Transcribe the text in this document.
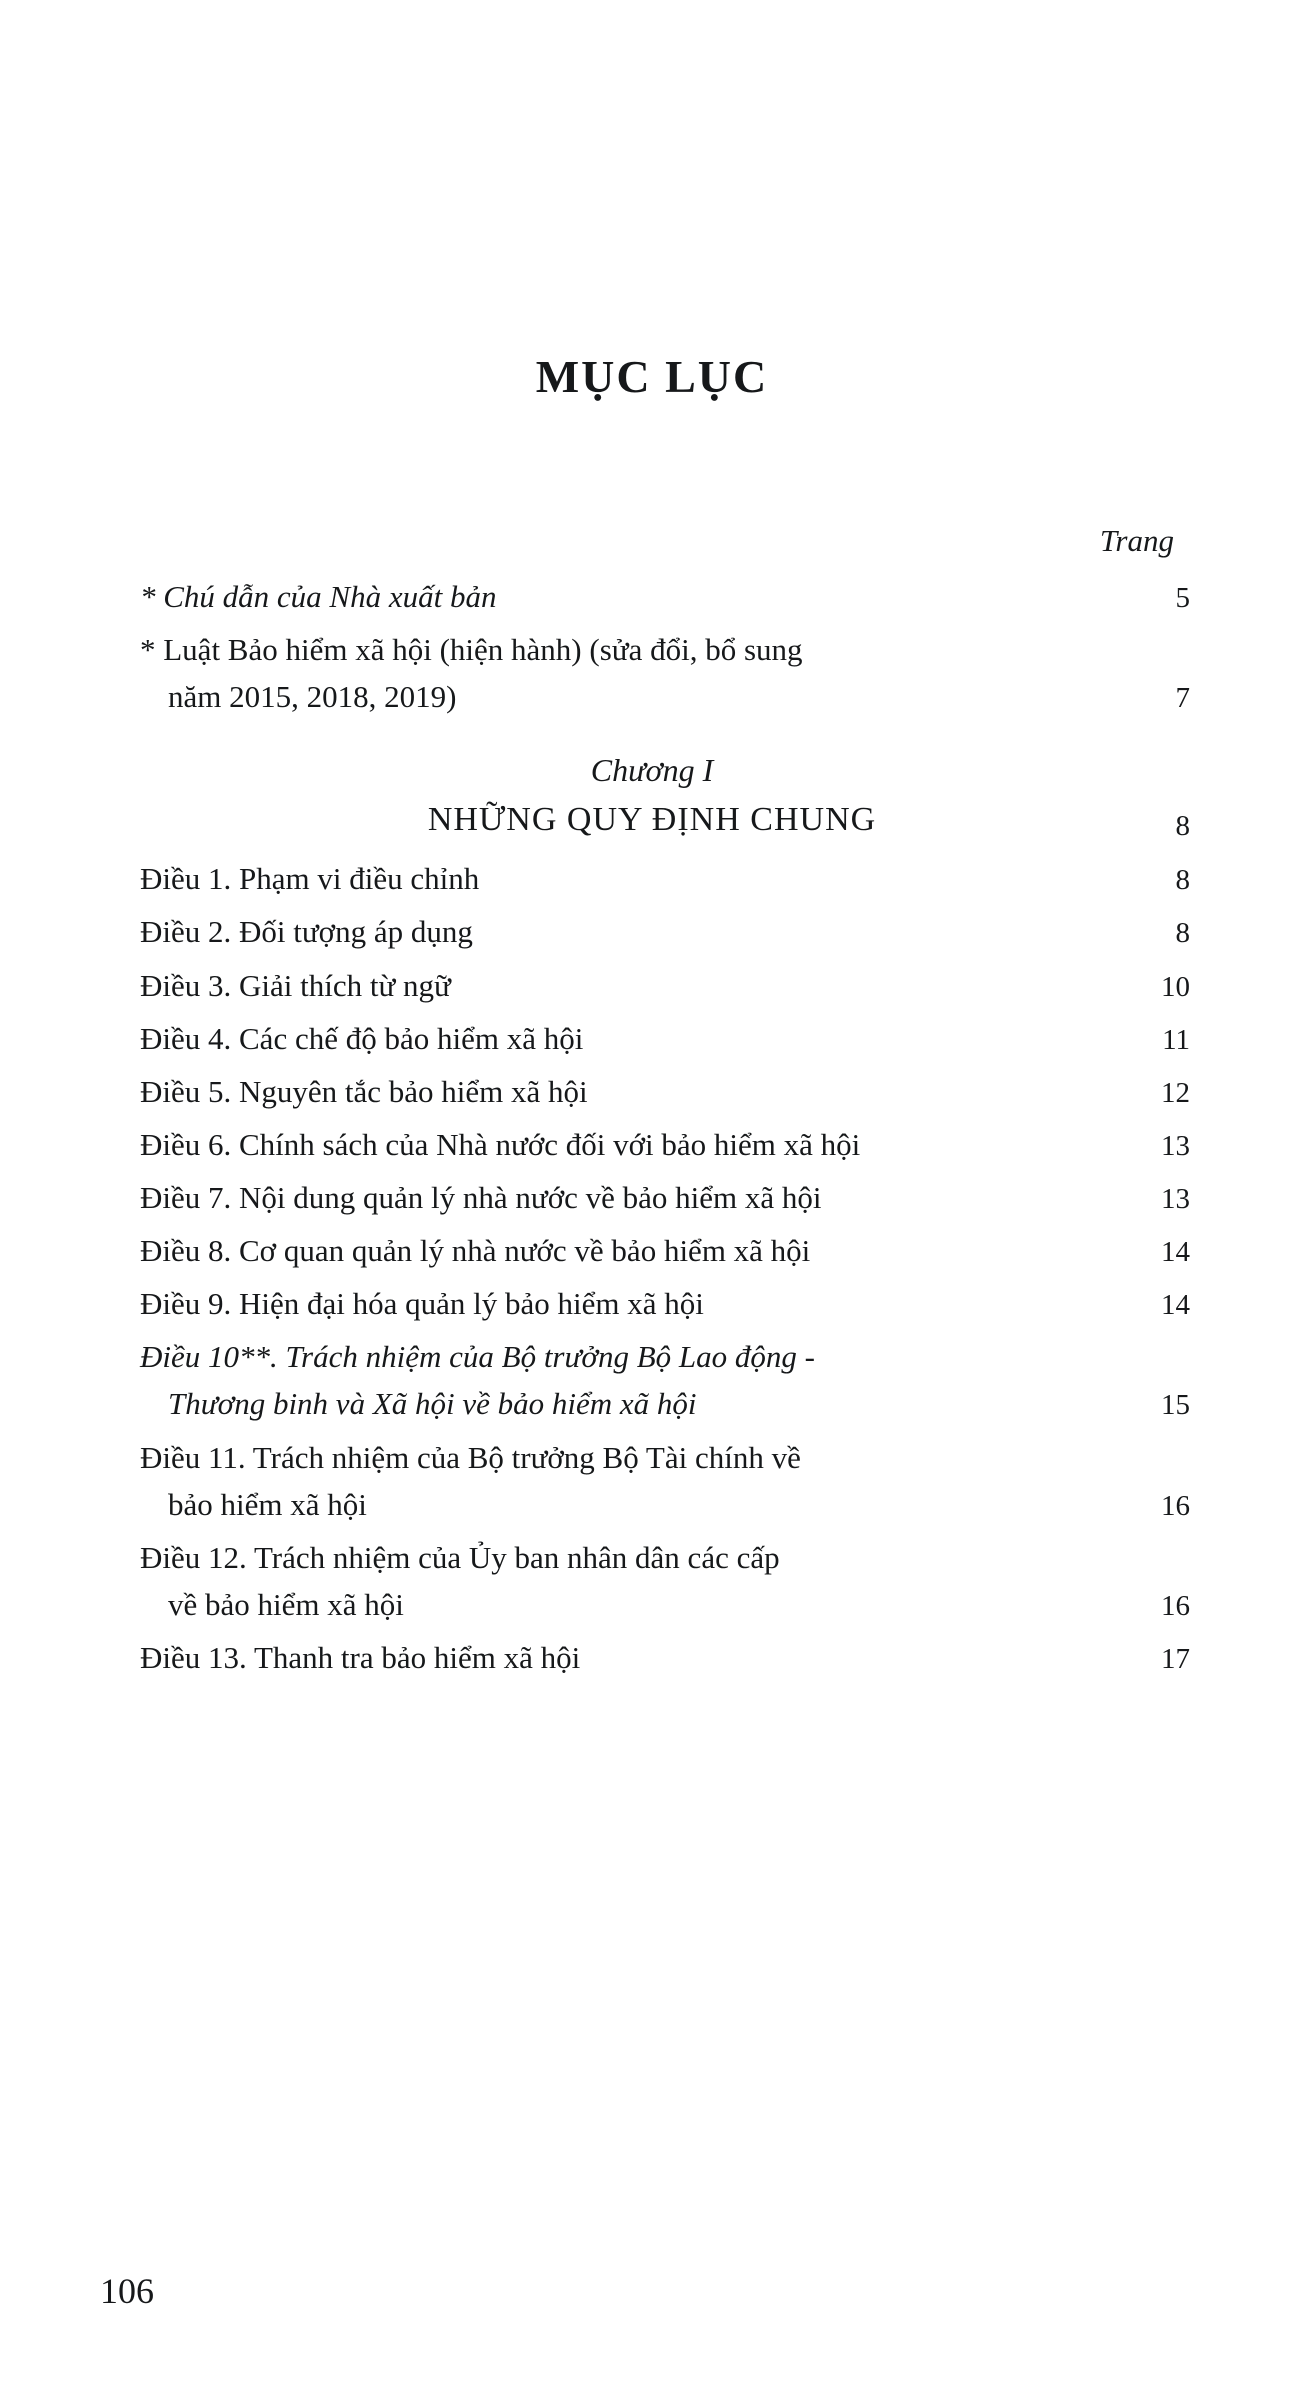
MỤC LỤC
Trang
* Chú dẫn của Nhà xuất bản	5
* Luật Bảo hiểm xã hội (hiện hành) (sửa đổi, bổ sung
năm 2015, 2018, 2019)	7
Chương I
NHỮNG QUY ĐỊNH CHUNG	8
Điều 1. Phạm vi điều chỉnh	8
Điều 2. Đối tượng áp dụng	8
Điều 3. Giải thích từ ngữ	10
Điều 4. Các chế độ bảo hiểm xã hội	11
Điều 5. Nguyên tắc bảo hiểm xã hội	12
Điều 6. Chính sách của Nhà nước đối với bảo hiểm xã hội	13
Điều 7. Nội dung quản lý nhà nước về bảo hiểm xã hội	13
Điều 8. Cơ quan quản lý nhà nước về bảo hiểm xã hội	14
Điều 9. Hiện đại hóa quản lý bảo hiểm xã hội	14
Điều 10**. Trách nhiệm của Bộ trưởng Bộ Lao động -
Thương binh và Xã hội về bảo hiểm xã hội	15
Điều 11. Trách nhiệm của Bộ trưởng Bộ Tài chính về
bảo hiểm xã hội	16
Điều 12. Trách nhiệm của Ủy ban nhân dân các cấp
về bảo hiểm xã hội	16
Điều 13. Thanh tra bảo hiểm xã hội	17
106
